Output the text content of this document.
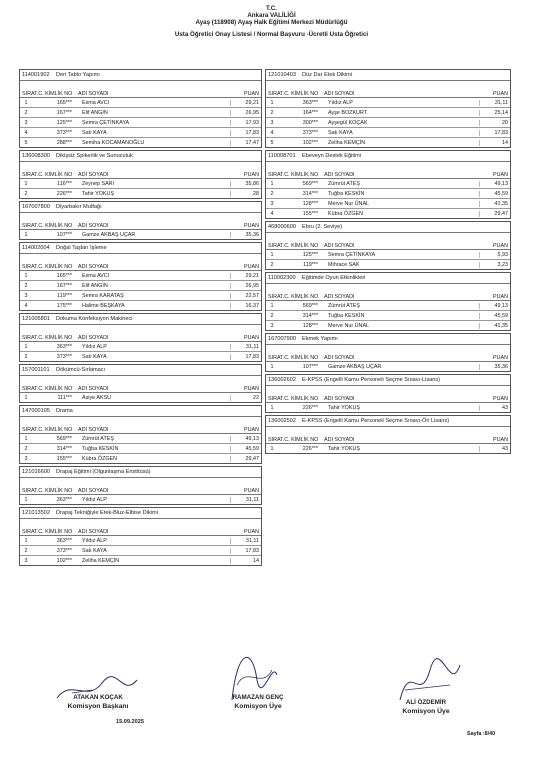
T.C.
Ankara VALİLİĞİ
Ayaş (118908) Ayaş Halk Eğitimi Merkezi Müdürlüğü
Usta Öğretici Onay Listesi / Normal Başvuru -Ücretli Usta Öğretici
114001902	Deri Tablo Yapımı
SIRA T.C. KİMLİK NO	ADI SOYADI	PUAN
1	165***	Esma AVCI	29,21
2	167***	Elif ANGIN	26,95
3	125***	Semra ÇETİNKAYA	17,93
4	373***	Satı KAYA	17,83
5	288***	Semiha KOCAMANOĞLU	17,47
136008300	Dikişsiz Spikerlik ve Sunuculuk
SIRA T.C. KİMLİK NO	ADI SOYADI	PUAN
1	116***	Zeynep SARI	35,86
2	226***	Tahir YOKUŞ	28
167007800	Diyarbakır Mutfağı
SIRA T.C. KİMLİK NO	ADI SOYADI	PUAN
1	107***	Gamze AKBAŞ UÇAR	35,36
114002004	Doğal Taşları İşleme
SIRA T.C. KİMLİK NO	ADI SOYADI	PUAN
1	165***	Esma AVCI	29,21
2	167***	Elif ANGIN	26,95
3	119***	Semra KARATAŞ	22,57
4	175***	Halime BEŞKAYA	16,37
121005801	Dokuma Konfeksiyon Makineci
SIRA T.C. KİMLİK NO	ADI SOYADI	PUAN
1	363***	Yıldız ALP	31,11
2	373***	Satı KAYA	17,83
157001101	Dökümcü-Sırlamacı
SIRA T.C. KİMLİK NO	ADI SOYADI	PUAN
1	111***	Asiye AKSU	22
147000105	Drama
SIRA T.C. KİMLİK NO	ADI SOYADI	PUAN
1	569***	Zümrüt ATEŞ	49,13
2	314***	Tuğba KESKİN	45,59
3	155***	Kübra ÖZGEN	29,47
121016600	Drapaj Eğitimi (Olgunlaşma Enstitüsü)
SIRA T.C. KİMLİK NO	ADI SOYADI	PUAN
1	363***	Yıldız ALP	31,11
121013502	Drapaj Tekniğiyle Etek-Bluz-Elbise Dikimi
SIRA T.C. KİMLİK NO	ADI SOYADI	PUAN
1	363***	Yıldız ALP	31,11
2	373***	Satı KAYA	17,83
3	102***	Zeliha KEMÇİN	14
121010403	Düz Dar Etek Dikimi
SIRA T.C. KİMLİK NO	ADI SOYADI	PUAN
1	363***	Yıldız ALP	31,11
2	164***	Ayşe BOZKURT	25,14
3	300***	Ayşegül KOÇAK	20
4	373***	Satı KAYA	17,83
5	102***	Zeliha KEMÇİN	14
110008701	Ebeveyn Destek Eğitimi
SIRA T.C. KİMLİK NO	ADI SOYADI	PUAN
1	569***	Zümrüt ATEŞ	49,13
2	314***	Tuğba KESKİN	45,59
3	128***	Merve Nur ÜNAL	41,35
4	155***	Kübra ÖZGEN	29,47
468000600	Ebru (2. Seviye)
SIRA T.C. KİMLİK NO	ADI SOYADI	PUAN
1	125***	Semra ÇETİNKAYA	5,93
2	119***	Mihrace SAK	3,23
110002300	Eğitimde Oyun Etkinlikleri
SIRA T.C. KİMLİK NO	ADI SOYADI	PUAN
1	569***	Zümrüt ATEŞ	49,13
2	314***	Tuğba KESKİN	45,59
3	128***	Merve Nur ÜNAL	41,35
167007900	Ekmek Yapımı
SIRA T.C. KİMLİK NO	ADI SOYADI	PUAN
1	107***	Gamze AKBAŞ UÇAR	35,36
136002602	E-KPSS (Engelli Kamu Personeli Seçme Sınavı-Lisans)
SIRA T.C. KİMLİK NO	ADI SOYADI	PUAN
1	226***	Tahir YOKUŞ	43
136002502	E-KPSS (Engelli Kamu Personeli Seçme Sınavı-Ön Lisans)
SIRA T.C. KİMLİK NO	ADI SOYADI	PUAN
1	226***	Tahir YOKUŞ	43
ATAKAN KOÇAK
Komisyon Başkanı
RAMAZAN GENÇ
Komisyon Üye
ALİ ÖZDEMİR
Komisyon Üye
15.09.2025
Sayfa :8/40
